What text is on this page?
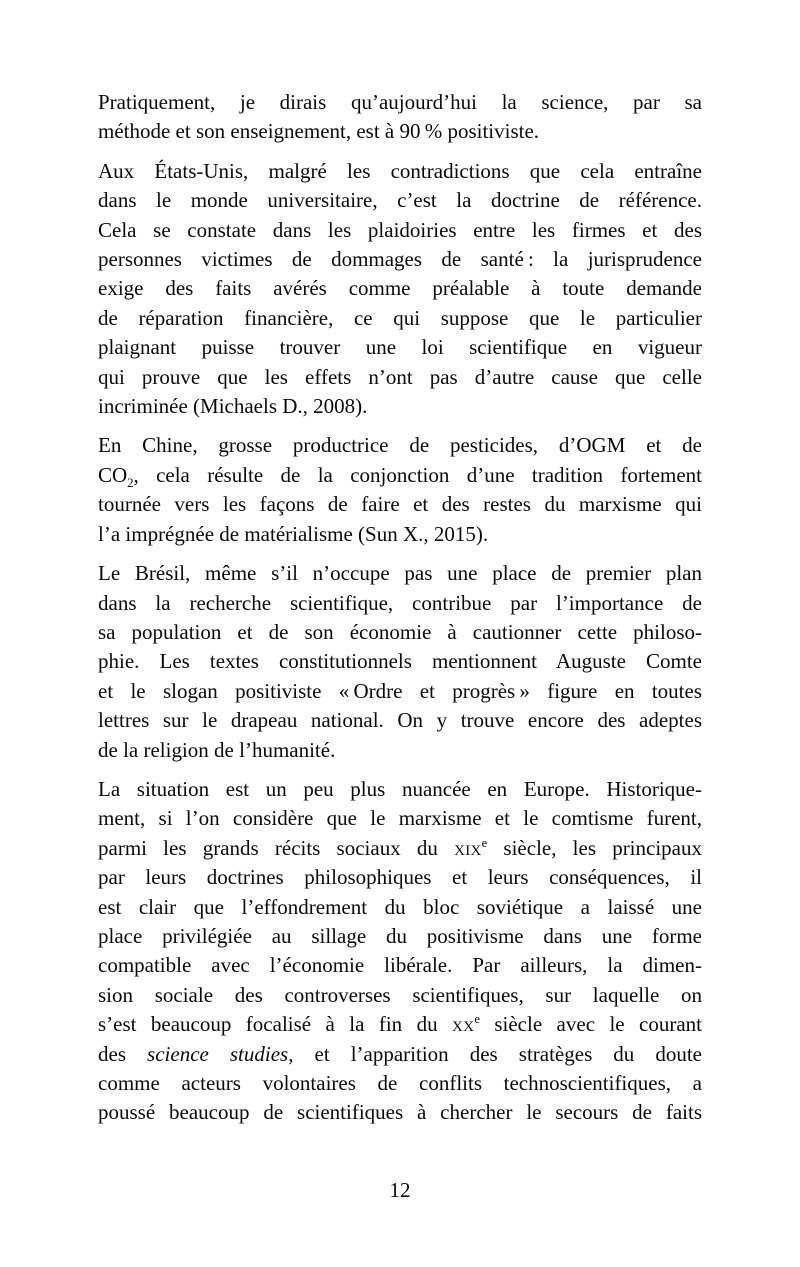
Pratiquement, je dirais qu’aujourd’hui la science, par sa
méthode et son enseignement, est à 90 % positiviste.
Aux États-Unis, malgré les contradictions que cela entraîne
dans le monde universitaire, c’est la doctrine de référence.
Cela se constate dans les plaidoiries entre les firmes et des
personnes victimes de dommages de santé : la jurisprudence
exige des faits avérés comme préalable à toute demande
de réparation financière, ce qui suppose que le particulier
plaignant puisse trouver une loi scientifique en vigueur
qui prouve que les effets n’ont pas d’autre cause que celle
incriminée (Michaels D., 2008).
En Chine, grosse productrice de pesticides, d’OGM et de
$CO_2$, cela résulte de la conjonction d’une tradition fortement
tournée vers les façons de faire et des restes du marxisme qui
l’a imprégnée de matérialisme (Sun X., 2015).
Le Brésil, même s’il n’occupe pas une place de premier plan
dans la recherche scientifique, contribue par l’importance de
sa population et de son économie à cautionner cette philoso-
phie. Les textes constitutionnels mentionnent Auguste Comte
et le slogan positiviste « Ordre et progrès » figure en toutes
lettres sur le drapeau national. On y trouve encore des adeptes
de la religion de l’humanité.
La situation est un peu plus nuancée en Europe. Historique-
ment, si l’on considère que le marxisme et le comtisme furent,
parmi les grands récits sociaux du xix$^e$ siècle, les principaux
par leurs doctrines philosophiques et leurs conséquences, il
est clair que l’effondrement du bloc soviétique a laissé une
place privilégiée au sillage du positivisme dans une forme
compatible avec l’économie libérale. Par ailleurs, la dimen-
sion sociale des controverses scientifiques, sur laquelle on
s’est beaucoup focalisé à la fin du $xx^e$ siècle avec le courant
des science studies, et l’apparition des stratèges du doute
comme acteurs volontaires de conflits technoscientifiques, a
poussé beaucoup de scientifiques à chercher le secours de faits
12
